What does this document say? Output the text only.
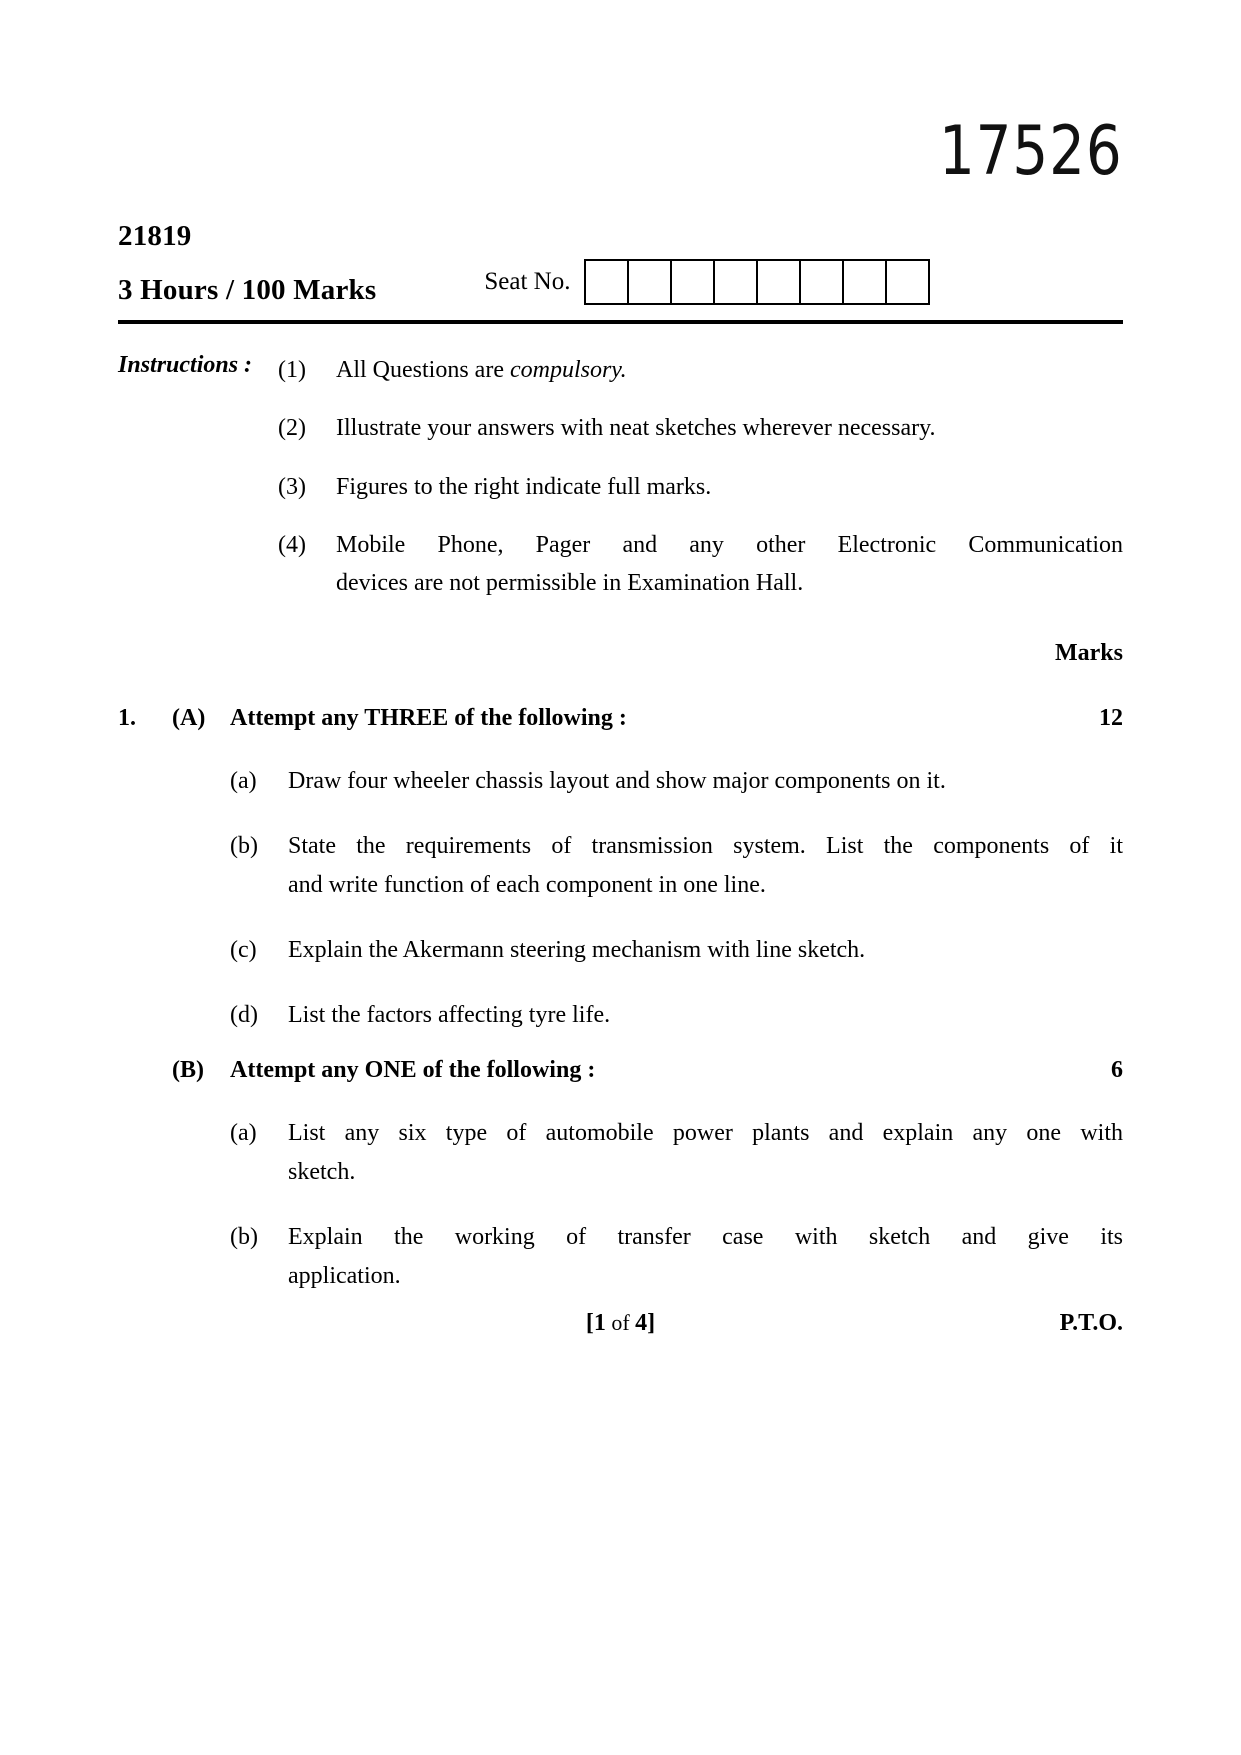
17526
21819
3 Hours / 100 Marks	Seat No.
Instructions : (1)	All Questions are compulsory.
(2)	Illustrate your answers with neat sketches wherever necessary.
(3)	Figures to the right indicate full marks.
(4)	Mobile Phone, Pager and any other Electronic Communication
devices are not permissible in Examination Hall.
Marks
1.	(A)	Attempt any THREE of the following :	12
(a)	Draw four wheeler chassis layout and show major components on it.
(b)	State the requirements of transmission system. List the components of it
and write function of each component in one line.
(c)	Explain the Akermann steering mechanism with line sketch.
(d)	List the factors affecting tyre life.
(B)	Attempt any ONE of the following :	6
(a)	List any six type of automobile power plants and explain any one with
sketch.
(b)	Explain the working of transfer case with sketch and give its
application.
[1 of 4]	P.T.O.
